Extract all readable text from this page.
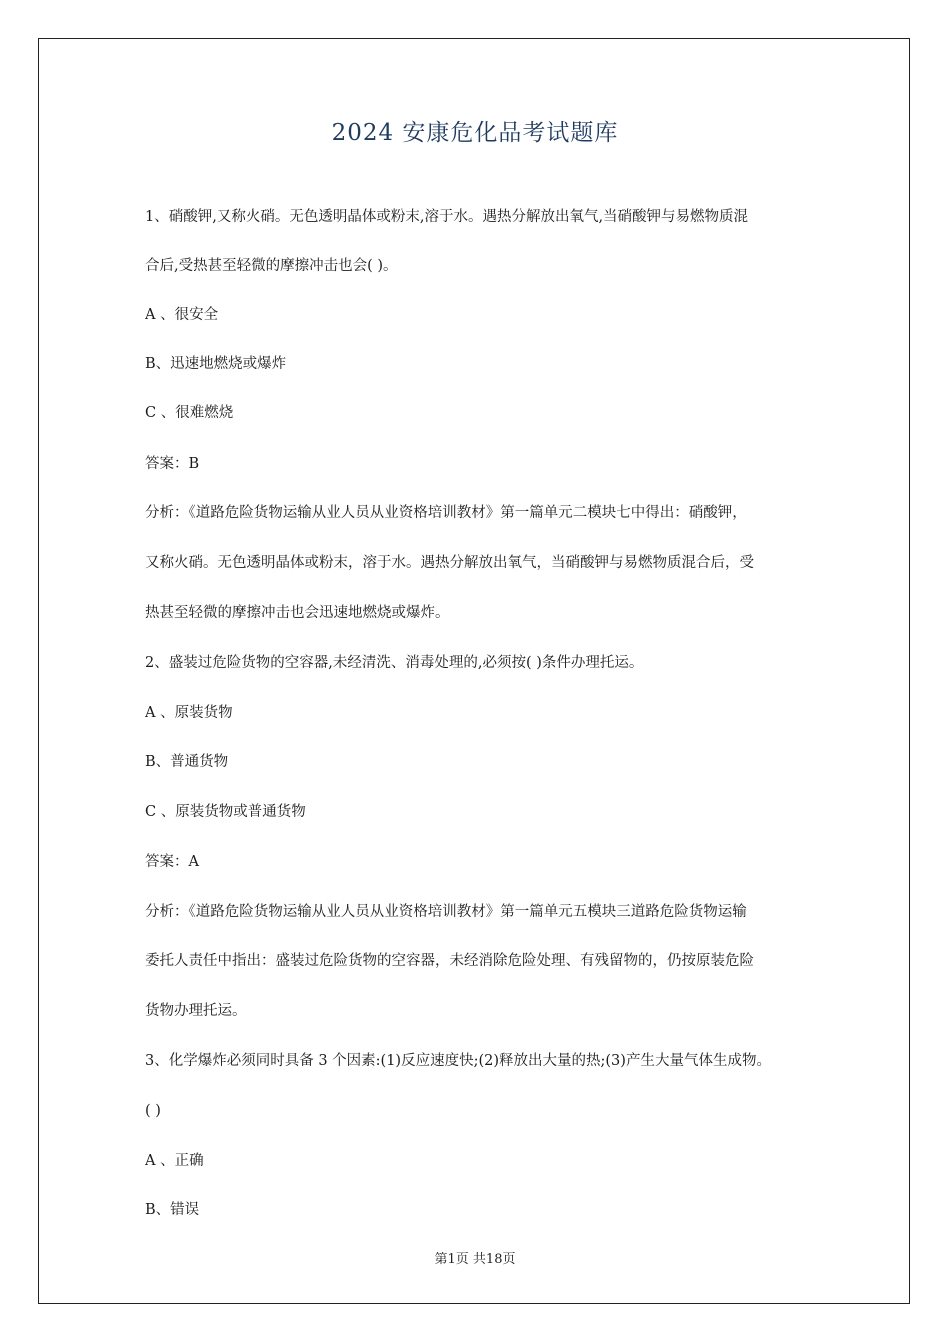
2024 安康危化品考试题库
1、硝酸钾,又称火硝。无色透明晶体或粉末,溶于水。遇热分解放出氧气,当硝酸钾与易燃物质混
合后,受热甚至轻微的摩擦冲击也会( )。
A 、很安全
B、迅速地燃烧或爆炸
C 、很难燃烧
答案：B
分析：《道路危险货物运输从业人员从业资格培训教材》第一篇单元二模块七中得出：硝酸钾，
又称火硝。无色透明晶体或粉末，溶于水。遇热分解放出氧气，当硝酸钾与易燃物质混合后，受
热甚至轻微的摩擦冲击也会迅速地燃烧或爆炸。
2、盛装过危险货物的空容器,未经清洗、消毒处理的,必须按( )条件办理托运。
A 、原装货物
B、普通货物
C 、原装货物或普通货物
答案：A
分析：《道路危险货物运输从业人员从业资格培训教材》第一篇单元五模块三道路危险货物运输
委托人责任中指出：盛装过危险货物的空容器，未经消除危险处理、有残留物的，仍按原装危险
货物办理托运。
3、化学爆炸必须同时具备 3 个因素:(1)反应速度快;(2)释放出大量的热;(3)产生大量气体生成物。
( )
A 、正确
B、错误
第1页 共18页
